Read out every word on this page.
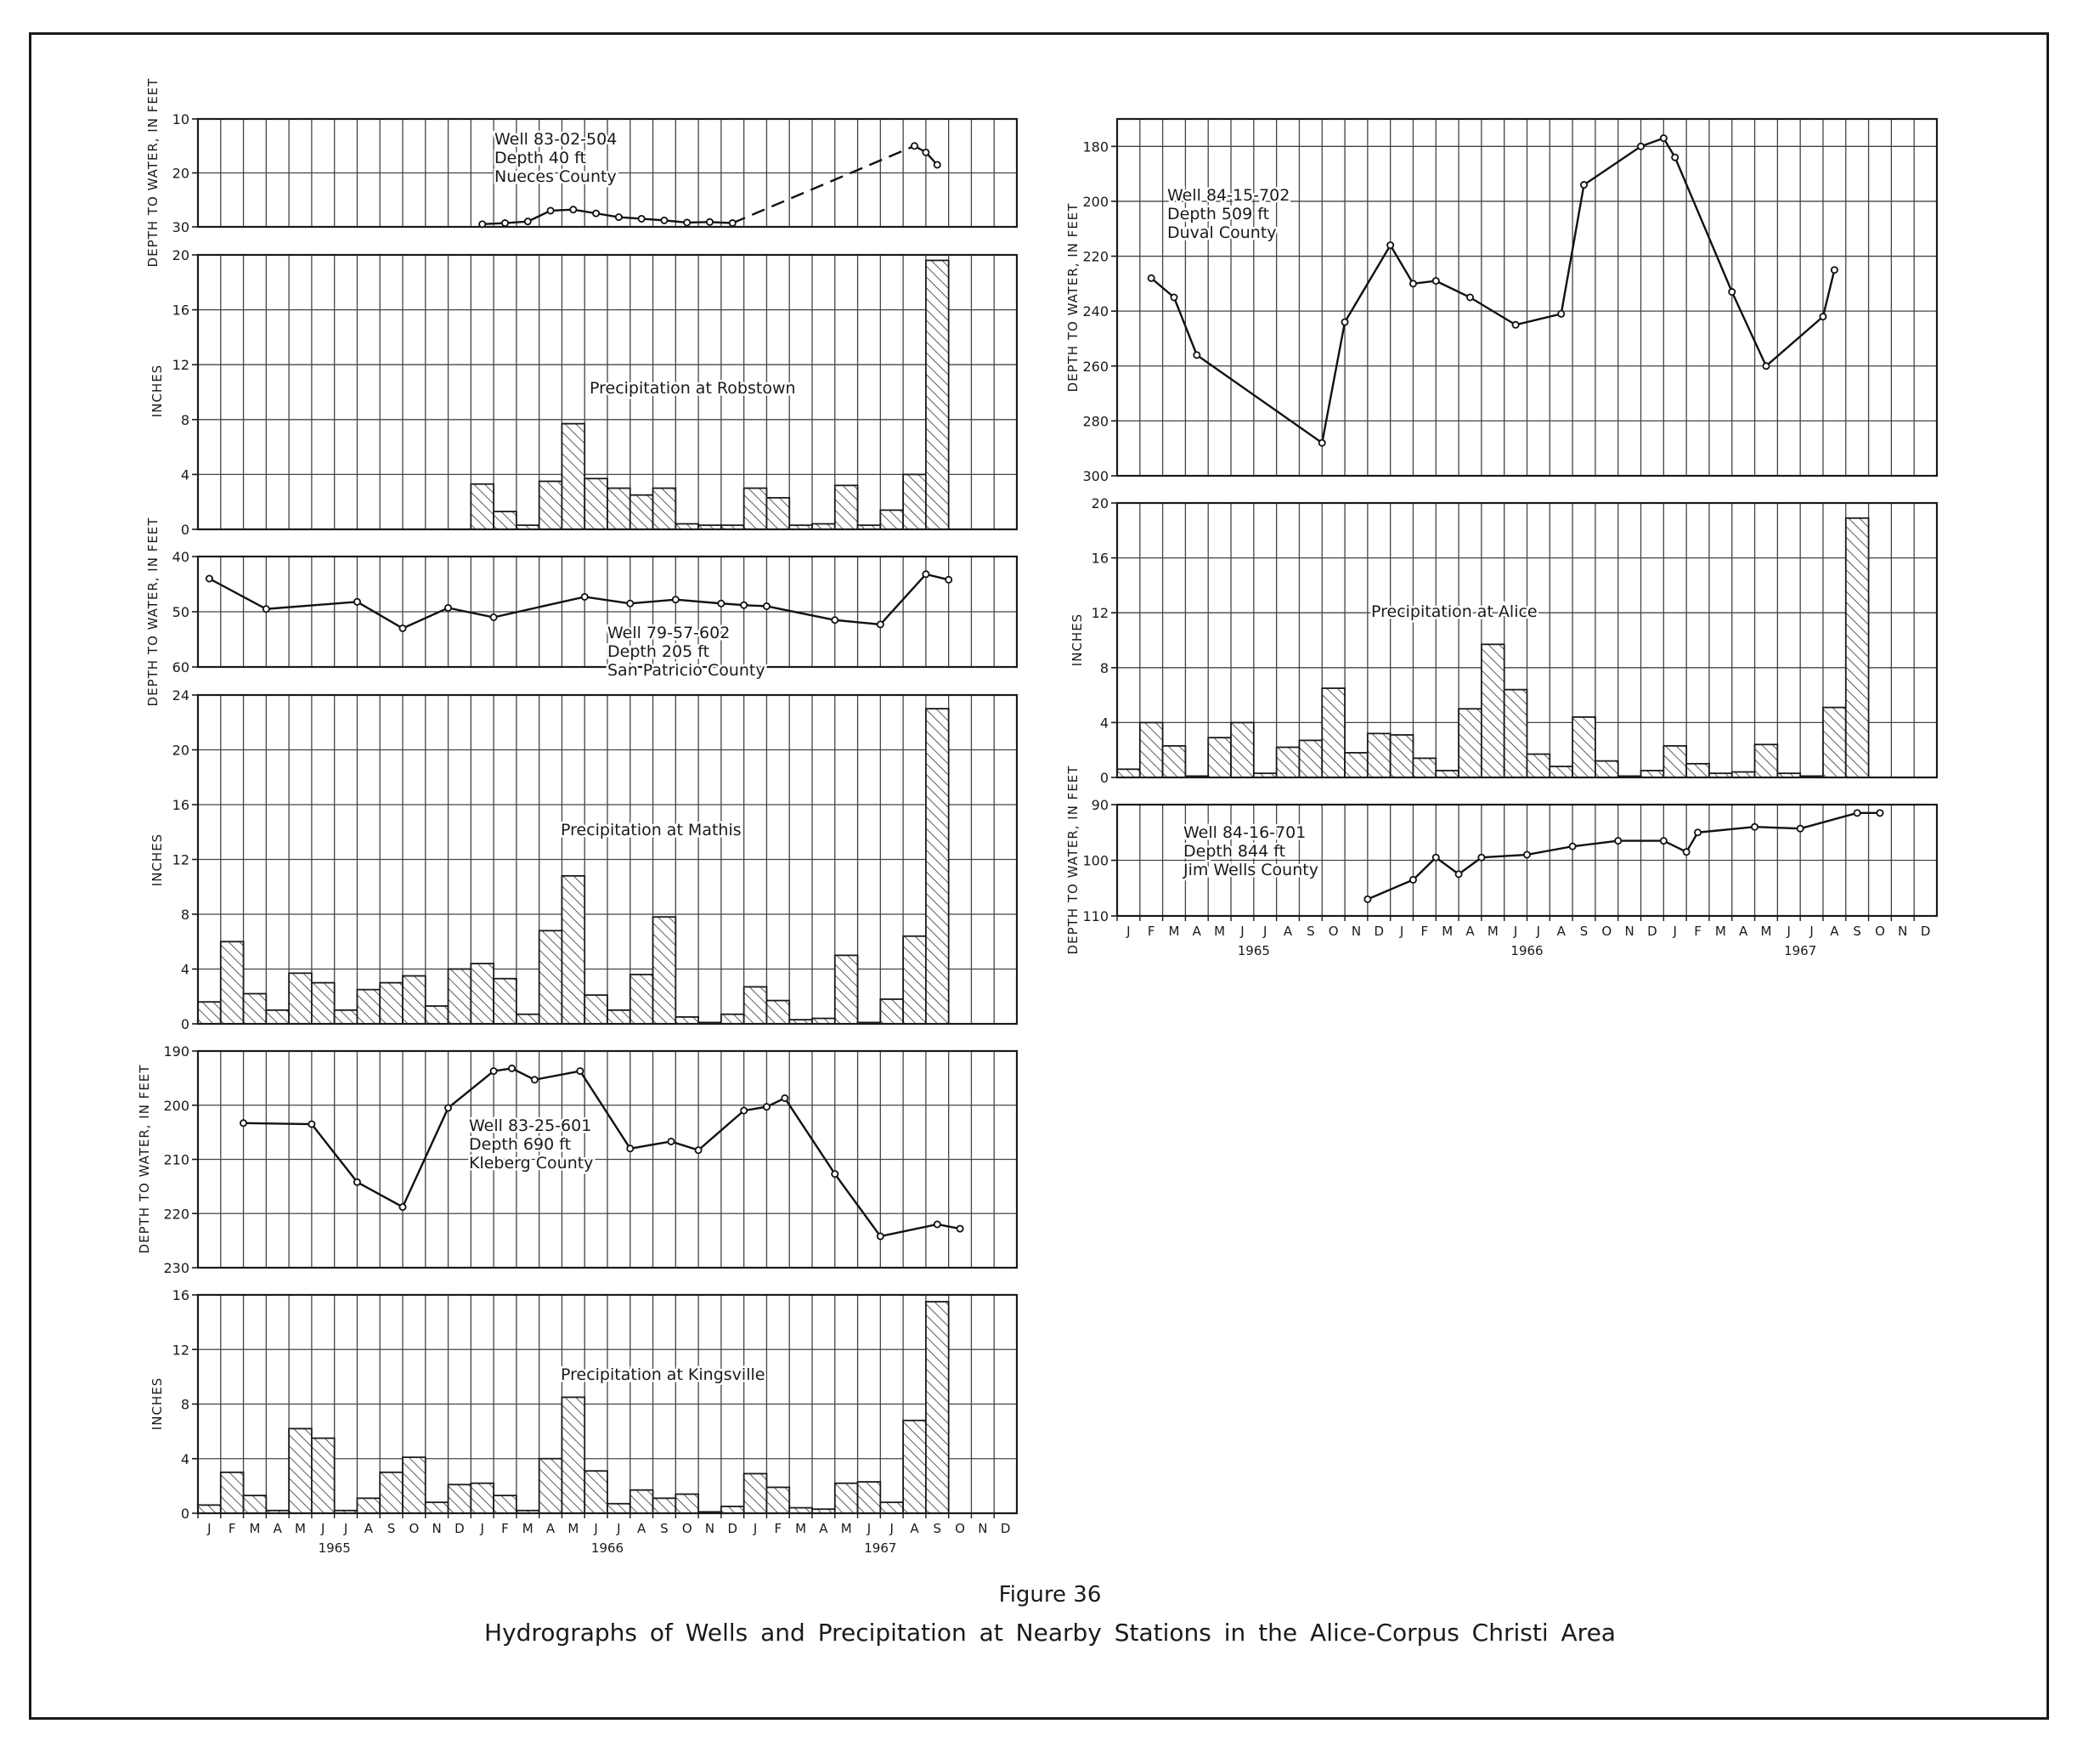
10
20
30
DEPTH TO WATER, IN FEET	Well 83-02-504
Depth 40 ft
Nueces County
0
4
8
12
16
20
INCHES	Precipitation at Robstown
40
50
60
DEPTH TO WATER, IN FEET	Well 79-57-602
Depth 205 ft
San Patricio County
0
4
8
12
16
20
24
INCHES
Precipitation at Mathis
190
200
210
220
230
DEPTH TO WATER, IN FEET	Well 83-25-601
Depth 690 ft
Kleberg County
0
4
8
12
16
INCHES
Precipitation at Kingsville
J F M A M J J A S O N D J F M A M J J A S O N D J F M A M J J A S O N D
1965	1966	1967
180
200
220
240
260
280
300
DEPTH TO WATER, IN FEET
Well 84-15-702
Depth 509 ft
Duval County
0
4
8
12
16
20
INCHES
Precipitation at Alice
90
100
110
DEPTH TO WATER, IN FEET	Well 84-16-701
Depth 844 ft
Jim Wells County
J F M A M J J A S O N D J F M A M J J A S O N D J F M A M J J A S O N D
1965	1966	1967
Figure 36
Hydrographs of Wells and Precipitation at Nearby Stations in the Alice-Corpus Christi Area
